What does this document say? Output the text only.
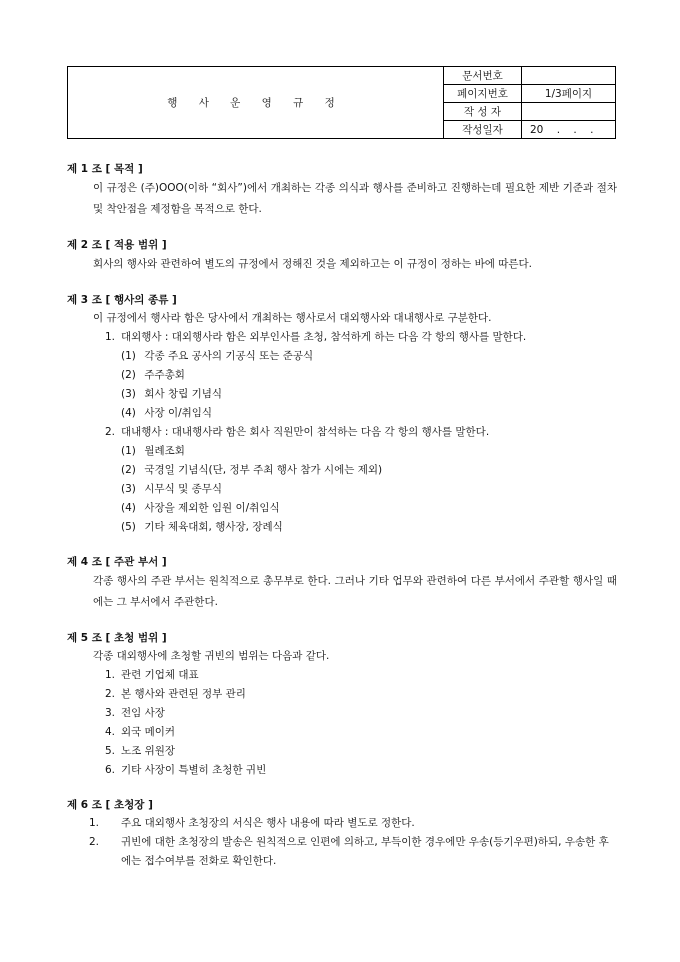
행 사 운 영 규 정	문서번호	
	페이지번호	1/3페이지
	작 성 자	
	작성일자	20    .    .    .
제 1 조 [ 목적 ]
이 규정은 (주)OOO(이하 “회사”)에서 개최하는 각종 의식과 행사를 준비하고 진행하는데 필요한 제반 기준과 절차 및 착안점을 제정함을 목적으로 한다.
제 2 조 [ 적용 범위 ]
회사의 행사와 관련하여 별도의 규정에서 정해진 것을 제외하고는 이 규정이 정하는 바에 따른다.
제 3 조 [ 행사의 종류 ]
이 규정에서 행사라 함은 당사에서 개최하는 행사로서 대외행사와 대내행사로 구분한다.
1. 대외행사 : 대외행사라 함은 외부인사를 초청, 참석하게 하는 다음 각 항의 행사를 말한다.
(1) 각종 주요 공사의 기공식 또는 준공식
(2) 주주총회
(3) 회사 창립 기념식
(4) 사장 이/취임식
2. 대내행사 : 대내행사라 함은 회사 직원만이 참석하는 다음 각 항의 행사를 말한다.
(1) 월례조회
(2) 국경일 기념식(단, 정부 주최 행사 참가 시에는 제외)
(3) 시무식 및 종무식
(4) 사장을 제외한 임원 이/취임식
(5) 기타 체육대회, 행사장, 장례식
제 4 조 [ 주관 부서 ]
각종 행사의 주관 부서는 원칙적으로 총무부로 한다. 그러나 기타 업무와 관련하여 다른 부서에서 주관할 행사일 때에는 그 부서에서 주관한다.
제 5 조 [ 초청 범위 ]
각종 대외행사에 초청할 귀빈의 범위는 다음과 같다.
1. 관련 기업체 대표
2. 본 행사와 관련된 정부 관리
3. 전임 사장
4. 외국 메이커
5. 노조 위원장
6. 기타 사장이 특별히 초청한 귀빈
제 6 조 [ 초청장 ]
1. 주요 대외행사 초청장의 서식은 행사 내용에 따라 별도로 정한다.
2. 귀빈에 대한 초청장의 발송은 원칙적으로 인편에 의하고, 부득이한 경우에만 우송(등기우편)하되, 우송한 후에는 접수여부를 전화로 확인한다.
